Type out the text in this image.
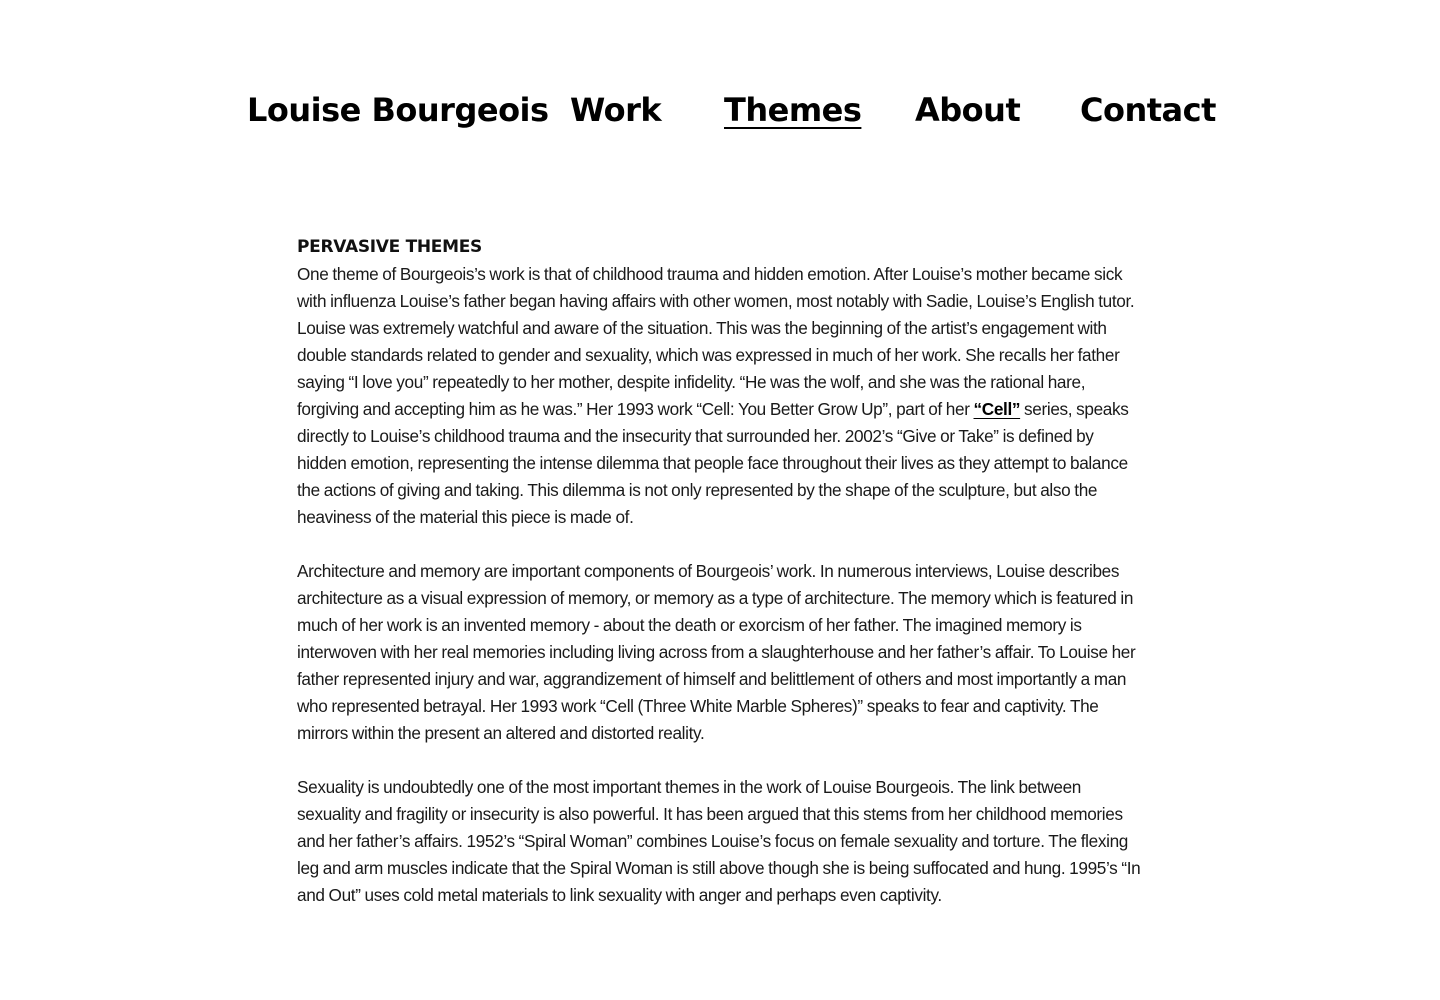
Louise Bourgeois Work Themes About Contact
PERVASIVE THEMES

One theme of Bourgeois’s work is that of childhood trauma and hidden emotion. After Louise’s mother became sick with influenza Louise’s father began having affairs with other women, most notably with Sadie, Louise’s English tutor. Louise was extremely watchful and aware of the situation. This was the beginning of the artist’s engagement with double standards related to gender and sexuality, which was expressed in much of her work. She recalls her father saying “I love you” repeatedly to her mother, despite infidelity. “He was the wolf, and she was the rational hare, forgiving and accepting him as he was.” Her 1993 work “Cell: You Better Grow Up”, part of her “Cell” series, speaks directly to Louise’s childhood trauma and the insecurity that surrounded her. 2002’s “Give or Take” is defined by hidden emotion, representing the intense dilemma that people face throughout their lives as they attempt to balance the actions of giving and taking. This dilemma is not only represented by the shape of the sculpture, but also the heaviness of the material this piece is made of.

Architecture and memory are important components of Bourgeois’ work. In numerous interviews, Louise describes architecture as a visual expression of memory, or memory as a type of architecture. The memory which is featured in much of her work is an invented memory - about the death or exorcism of her father. The imagined memory is interwoven with her real memories including living across from a slaughterhouse and her father’s affair. To Louise her father represented injury and war, aggrandizement of himself and belittlement of others and most importantly a man who represented betrayal. Her 1993 work “Cell (Three White Marble Spheres)” speaks to fear and captivity. The mirrors within the present an altered and distorted reality.

Sexuality is undoubtedly one of the most important themes in the work of Louise Bourgeois. The link between sexuality and fragility or insecurity is also powerful. It has been argued that this stems from her childhood memories and her father’s affairs. 1952’s “Spiral Woman” combines Louise’s focus on female sexuality and torture. The flexing leg and arm muscles indicate that the Spiral Woman is still above though she is being suffocated and hung. 1995’s “In and Out” uses cold metal materials to link sexuality with anger and perhaps even captivity.
